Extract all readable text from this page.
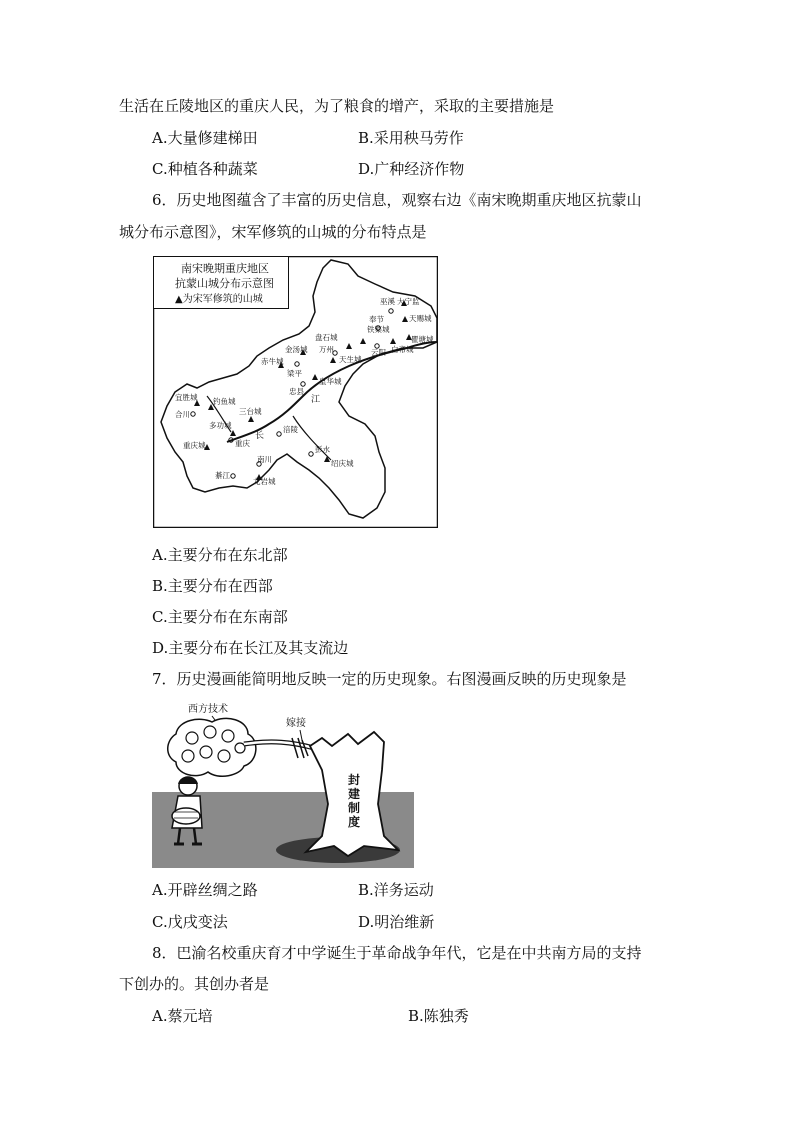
生活在丘陵地区的重庆人民，为了粮食的增产，采取的主要措施是
A.大量修建梯田	B.采用秧马劳作
C.种植各种蔬菜	D.广种经济作物
6．历史地图蕴含了丰富的历史信息，观察右边《南宋晚期重庆地区抗蒙山
城分布示意图》，宋军修筑的山城的分布特点是
南宋晚期重庆地区
抗蒙山城分布示意图
▲为宋军修筑的山城	巫溪 大宁监
奉节	天赐城
盘石城
铁檠城
云阳 白帝城
瞿塘城
万州
天生城
金汤城
赤牛城
梁平
忠县
皇华城
宜胜城 钓鱼城
合川	三台城
多功城	涪陵
重庆
重庆城	彭水
南川	绍庆城
綦江
龙岩城
江
长
A.主要分布在东北部
B.主要分布在西部
C.主要分布在东南部
D.主要分布在长江及其支流边
7．历史漫画能简明地反映一定的历史现象。右图漫画反映的历史现象是
西方技术
嫁接
封
建
制
度
A.开辟丝绸之路	B.洋务运动
C.戊戌变法	D.明治维新
8．巴渝名校重庆育才中学诞生于革命战争年代，它是在中共南方局的支持
下创办的。其创办者是
A.蔡元培	B.陈独秀
